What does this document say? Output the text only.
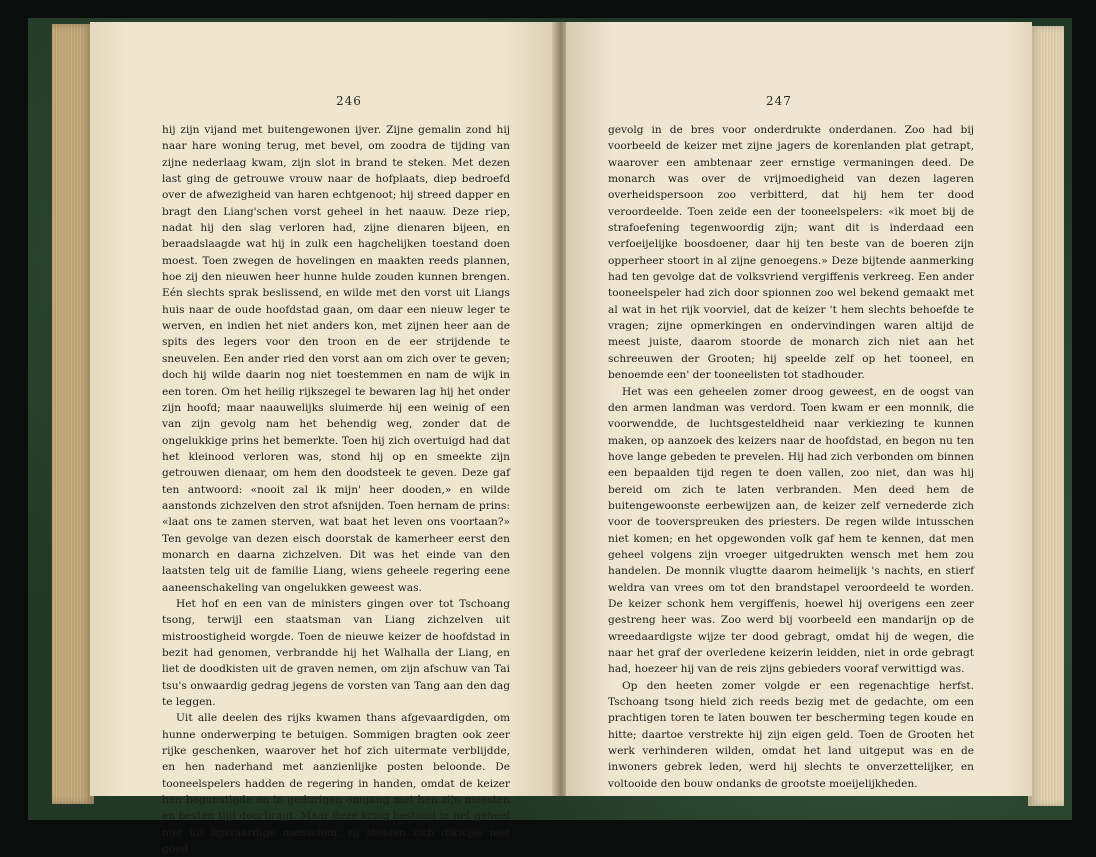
246

hij zijn vijand met buitengewonen ijver. Zijne gemalin zond hij naar hare woning terug, met bevel, om zoodra de tijding van zijne nederlaag kwam, zijn slot in brand te steken. Met dezen last ging de getrouwe vrouw naar de hofplaats, diep bedroefd over de afwezigheid van haren echtgenoot; hij streed dapper en bragt den Liang'schen vorst geheel in het naauw. Deze riep, nadat hij den slag verloren had, zijne dienaren bijeen, en beraadslaagde wat hij in zulk een hagchelijken toestand doen moest. Toen zwegen de hovelingen en maakten reeds plannen, hoe zij den nieuwen heer hunne hulde zouden kunnen brengen. Eén slechts sprak beslissend, en wilde met den vorst uit Liangs huis naar de oude hoofdstad gaan, om daar een nieuw leger te werven, en indien het niet anders kon, met zijnen heer aan de spits des legers voor den troon en de eer strijdende te sneuvelen. Een ander ried den vorst aan om zich over te geven; doch hij wilde daarin nog niet toestemmen en nam de wijk in een toren. Om het heilig rijkszegel te bewaren lag hij het onder zijn hoofd; maar naauwelijks sluimerde hij een weinig of een van zijn gevolg nam het behendig weg, zonder dat de ongelukkige prins het bemerkte. Toen hij zich overtuigd had dat het kleinood verloren was, stond hij op en smeekte zijn getrouwen dienaar, om hem den doodsteek te geven. Deze gaf ten antwoord: «nooit zal ik mijn' heer dooden,» en wilde aanstonds zichzelven den strot afsnijden. Toen hernam de prins: «laat ons te zamen sterven, wat baat het leven ons voortaan?» Ten gevolge van dezen eisch doorstak de kamerheer eerst den monarch en daarna zichzelven. Dit was het einde van den laatsten telg uit de familie Liang, wiens geheele regering eene aaneenschakeling van ongelukken geweest was.

Het hof en een van de ministers gingen over tot Tschoang tsong, terwijl een staatsman van Liang zichzelven uit mistroostigheid worgde. Toen de nieuwe keizer de hoofdstad in bezit had genomen, verbrandde hij het Walhalla der Liang, en liet de doodkisten uit de graven nemen, om zijn afschuw van Tai tsu's onwaardig gedrag jegens de vorsten van Tang aan den dag te leggen.

Uit alle deelen des rijks kwamen thans afgevaardigden, om hunne onderwerping te betuigen. Sommigen bragten ook zeer rijke geschenken, waarover het hof zich uitermate verblijdde, en hen naderhand met aanzienlijke posten beloonde. De tooneelspelers hadden de regering in handen, omdat de keizer hen begunstigde en in gedurigen omgang met hen zijn meesten en besten tijd doorbragt. Maar deze kring bestond in het geheel niet uit ligtvaardige menschen, zij stelden zich dikwijls met goed

247

gevolg in de bres voor onderdrukte onderdanen. Zoo had bij voorbeeld de keizer met zijne jagers de korenlanden plat getrapt, waarover een ambtenaar zeer ernstige vermaningen deed. De monarch was over de vrijmoedigheid van dezen lageren overheidspersoon zoo verbitterd, dat hij hem ter dood veroordeelde. Toen zeide een der tooneelspelers: «ik moet bij de strafoefening tegenwoordig zijn; want dit is inderdaad een verfoeijelijke boosdoener, daar hij ten beste van de boeren zijn opperheer stoort in al zijne genoegens.» Deze bijtende aanmerking had ten gevolge dat de volksvriend vergiffenis verkreeg. Een ander tooneelspeler had zich door spionnen zoo wel bekend gemaakt met al wat in het rijk voorviel, dat de keizer 't hem slechts behoefde te vragen; zijne opmerkingen en ondervindingen waren altijd de meest juiste, daarom stoorde de monarch zich niet aan het schreeuwen der Grooten; hij speelde zelf op het tooneel, en benoemde een' der tooneelisten tot stadhouder.

Het was een geheelen zomer droog geweest, en de oogst van den armen landman was verdord. Toen kwam er een monnik, die voorwendde, de luchtsgesteldheid naar verkiezing te kunnen maken, op aanzoek des keizers naar de hoofdstad, en begon nu ten hove lange gebeden te prevelen. Hij had zich verbonden om binnen een bepaalden tijd regen te doen vallen, zoo niet, dan was hij bereid om zich te laten verbranden. Men deed hem de buitengewoonste eerbewijzen aan, de keizer zelf vernederde zich voor de tooverspreuken des priesters. De regen wilde intusschen niet komen; en het opgewonden volk gaf hem te kennen, dat men geheel volgens zijn vroeger uitgedrukten wensch met hem zou handelen. De monnik vlugtte daarom heimelijk 's nachts, en stierf weldra van vrees om tot den brandstapel veroordeeld te worden. De keizer schonk hem vergiffenis, hoewel hij overigens een zeer gestreng heer was. Zoo werd bij voorbeeld een mandarijn op de wreedaardigste wijze ter dood gebragt, omdat hij de wegen, die naar het graf der overledene keizerin leidden, niet in orde gebragt had, hoezeer hij van de reis zijns gebieders vooraf verwittigd was.

Op den heeten zomer volgde er een regenachtige herfst. Tschoang tsong hield zich reeds bezig met de gedachte, om een prachtigen toren te laten bouwen ter bescherming tegen koude en hitte; daartoe verstrekte hij zijn eigen geld. Toen de Grooten het werk verhinderen wilden, omdat het land uitgeput was en de inwoners gebrek leden, werd hij slechts te onverzettelijker, en voltooide den bouw ondanks de grootste moeijelijkheden.
